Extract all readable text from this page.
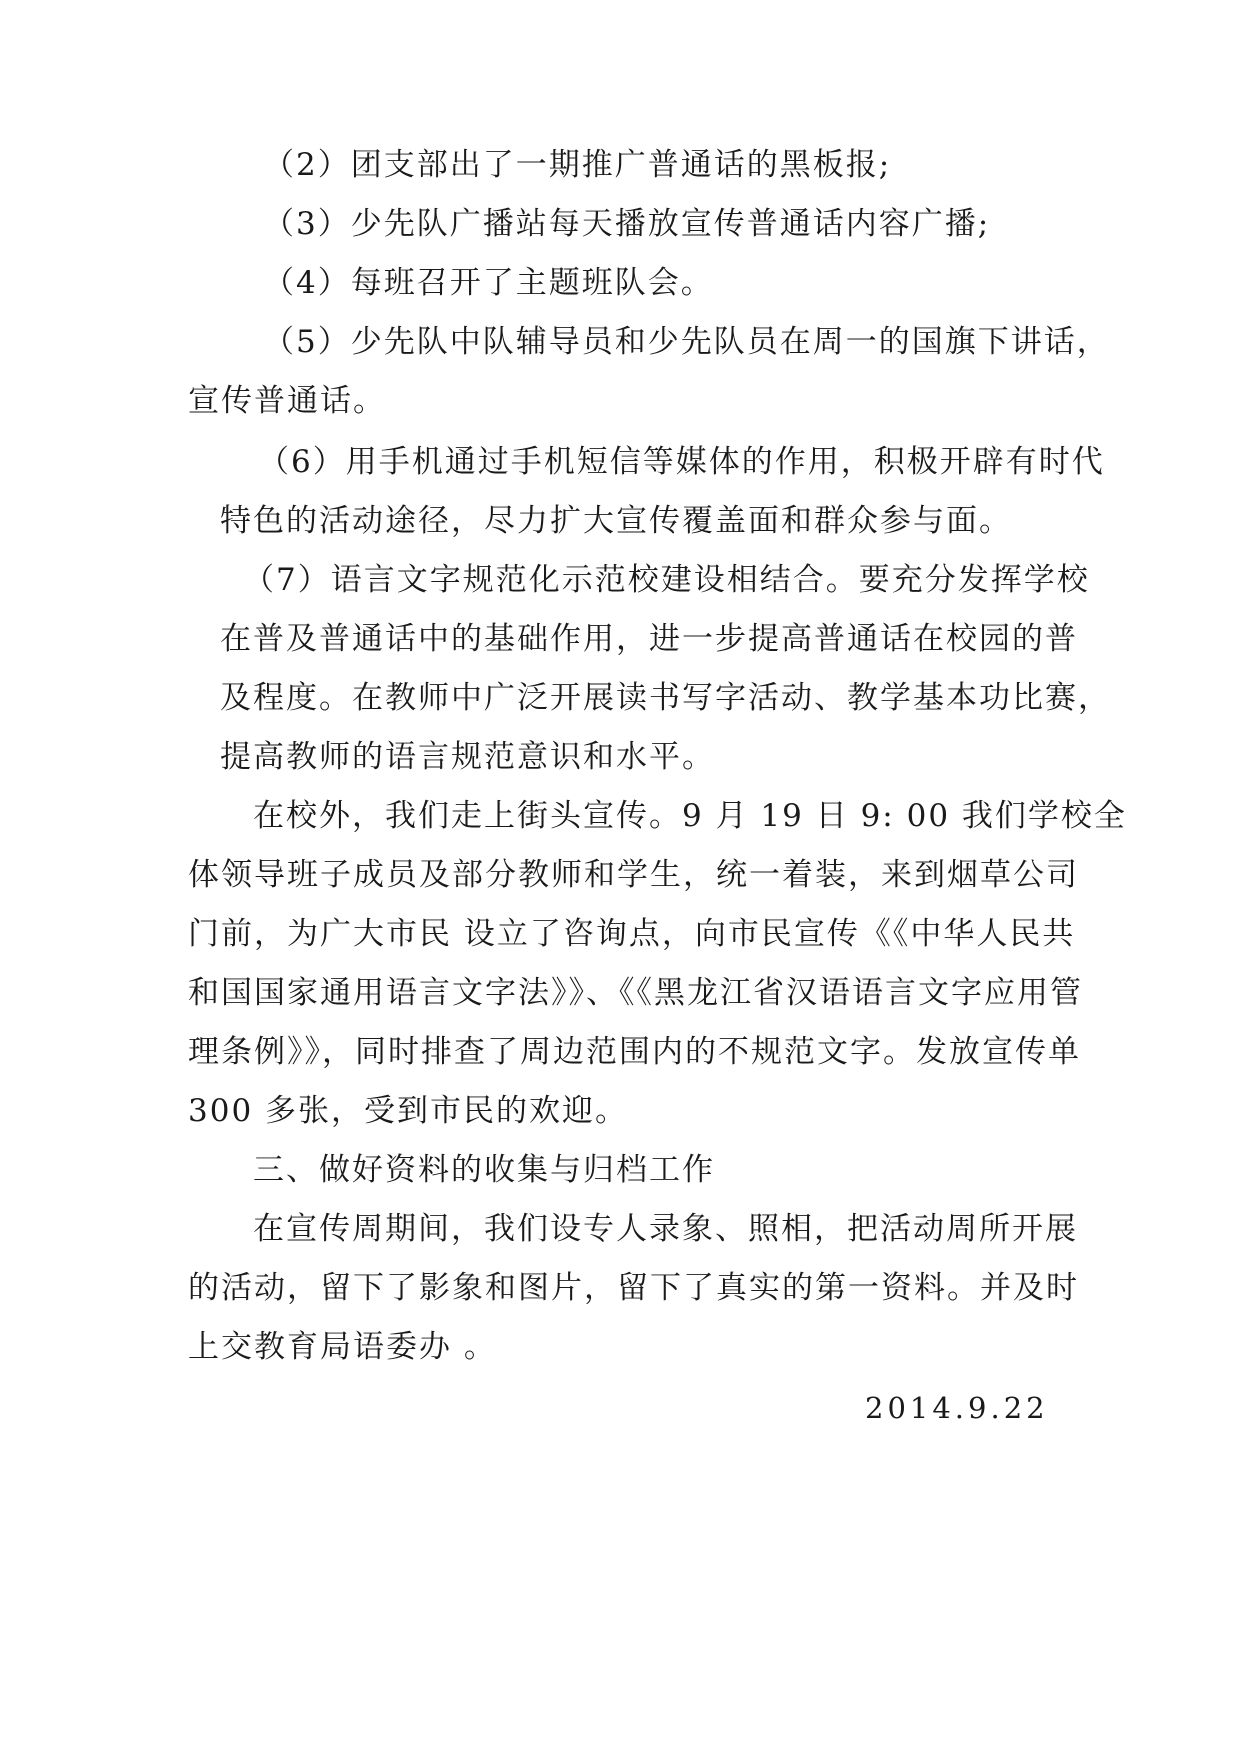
（2）团支部出了一期推广普通话的黑板报;
（3）少先队广播站每天播放宣传普通话内容广播;
（4）每班召开了主题班队会。
（5）少先队中队辅导员和少先队员在周一的国旗下讲话，
宣传普通话。
（6）用手机通过手机短信等媒体的作用，积极开辟有时代
特色的活动途径，尽力扩大宣传覆盖面和群众参与面。
（7）语言文字规范化示范校建设相结合。要充分发挥学校
在普及普通话中的基础作用，进一步提高普通话在校园的普
及程度。在教师中广泛开展读书写字活动、教学基本功比赛，
提高教师的语言规范意识和水平。
在校外，我们走上街头宣传。9 月 19 日 9: 00 我们学校全
体领导班子成员及部分教师和学生，统一着装，来到烟草公司
门前，为广大市民 设立了咨询点，向市民宣传《《中华人民共
和国国家通用语言文字法》》、《《黑龙江省汉语语言文字应用管
理条例》》，同时排查了周边范围内的不规范文字。发放宣传单
300 多张，受到市民的欢迎。
三、做好资料的收集与归档工作
在宣传周期间，我们设专人录象、照相，把活动周所开展
的活动，留下了影象和图片，留下了真实的第一资料。并及时
上交教育局语委办 。
2014.9.22
